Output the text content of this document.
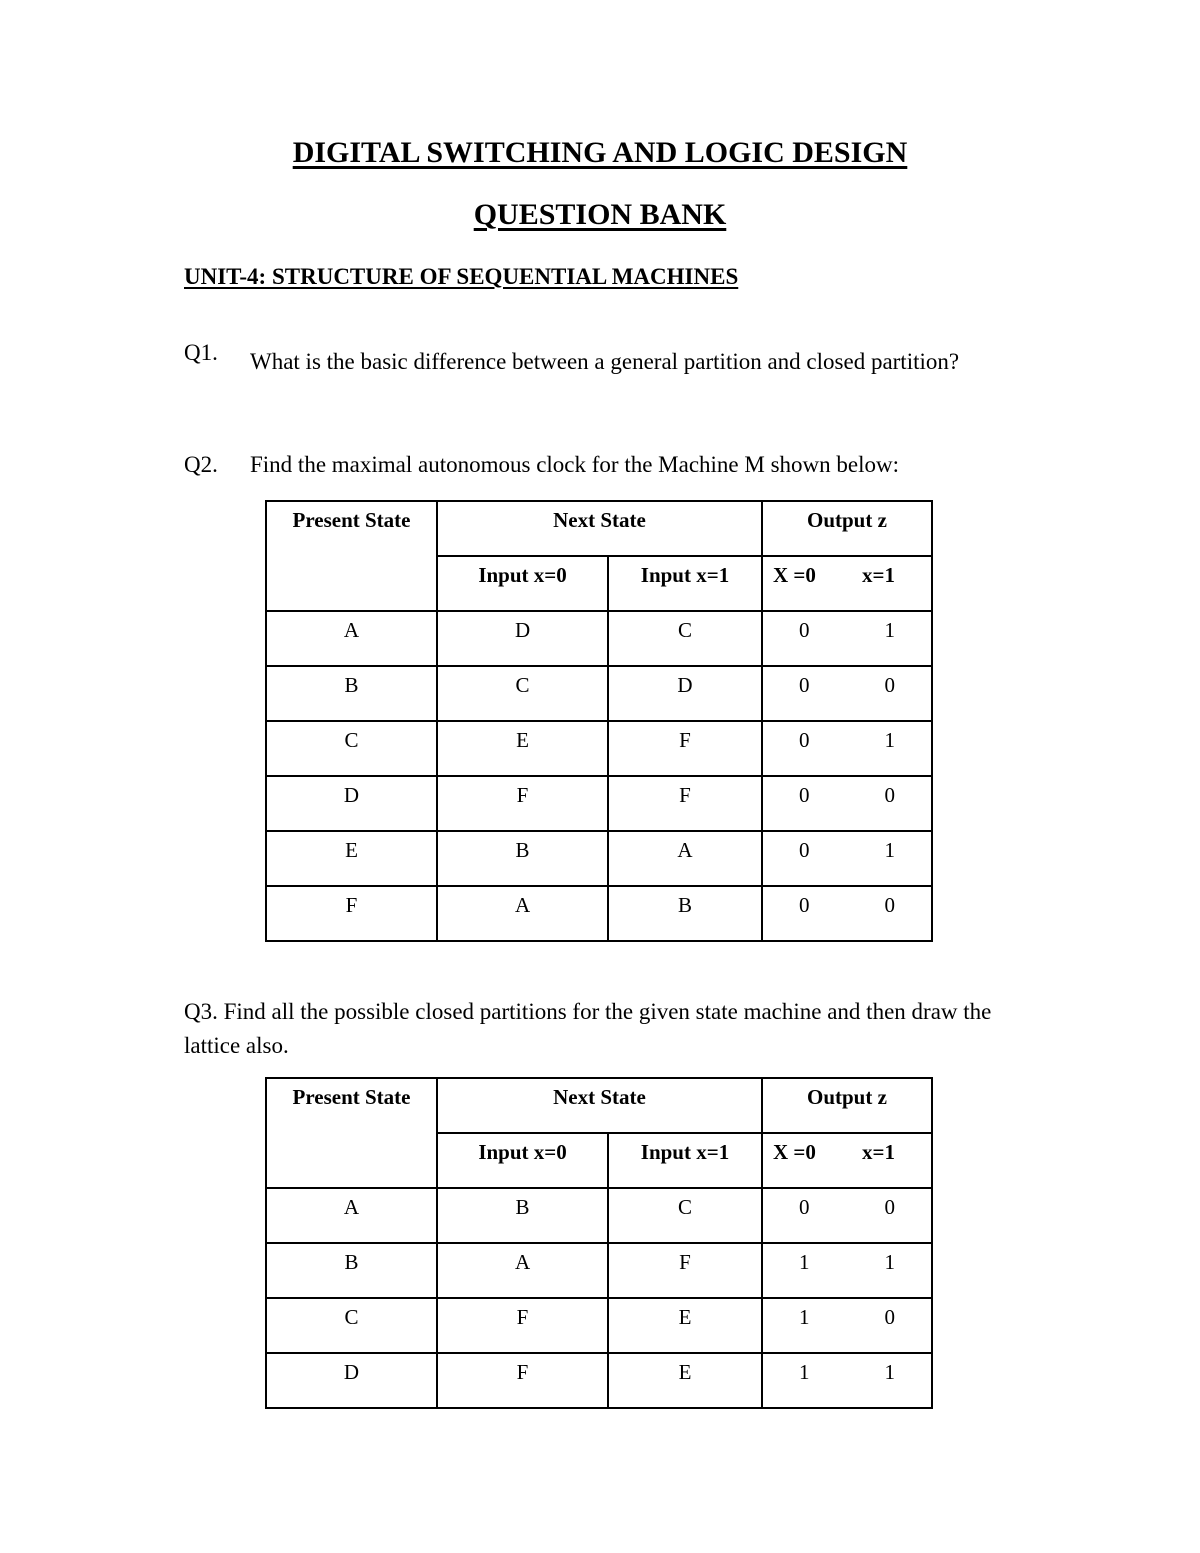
DIGITAL SWITCHING AND LOGIC DESIGN
QUESTION BANK
UNIT-4: STRUCTURE OF SEQUENTIAL MACHINES
Q1. What is the basic difference between a general partition and closed partition?
Q2. Find the maximal autonomous clock for the Machine M shown below:
Present State	Next State		Output z
	Input x=0	Input x=1	X =0 x=1

A	D	C	0 1

B	C	D	0 0

C	E	F	0 1

D	F	F	0 0

E	B	A	0 1

F	A	B	0 0
Q3. Find all the possible closed partitions for the given state machine and then draw the lattice also.
Present State	Next State		Output z
	Input x=0	Input x=1	X =0 x=1

A	B	C	0 0

B	A	F	1 1

C	F	E	1 0

D	F	E	1 1
